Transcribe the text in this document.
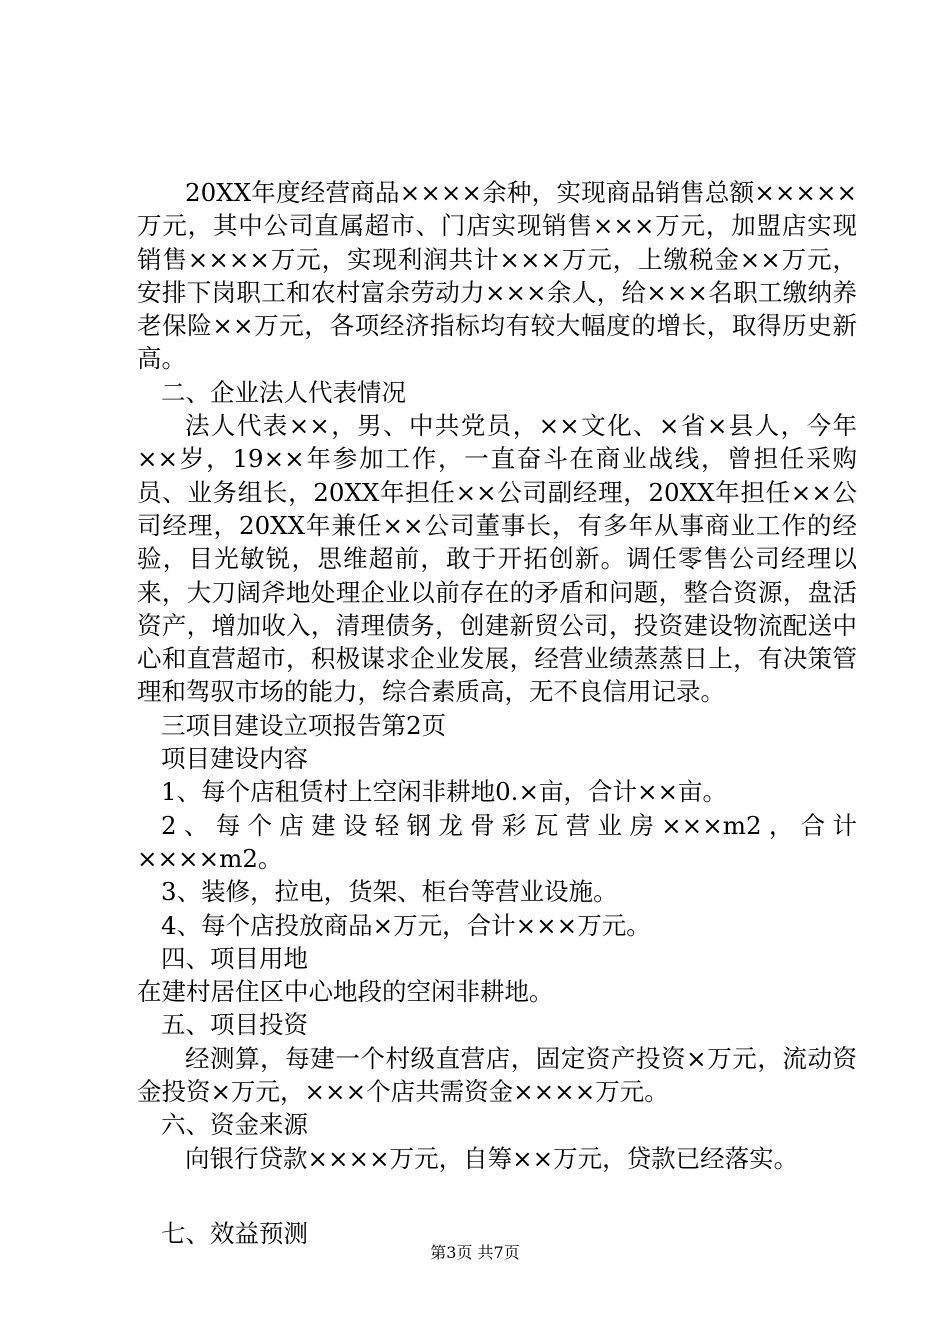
20XX年度经营商品××××余种，实现商品销售总额×××××万元，其中公司直属超市、门店实现销售×××万元，加盟店实现销售××××万元，实现利润共计×××万元，上缴税金××万元，安排下岗职工和农村富余劳动力×××余人，给×××名职工缴纳养老保险××万元，各项经济指标均有较大幅度的增长，取得历史新高。

二、企业法人代表情况

法人代表××，男、中共党员，××文化、×省×县人，今年××岁，19××年参加工作，一直奋斗在商业战线，曾担任采购员、业务组长，20XX年担任××公司副经理，20XX年担任××公司经理，20XX年兼任××公司董事长，有多年从事商业工作的经验，目光敏锐，思维超前，敢于开拓创新。调任零售公司经理以来，大刀阔斧地处理企业以前存在的矛盾和问题，整合资源，盘活资产，增加收入，清理债务，创建新贸公司，投资建设物流配送中心和直营超市，积极谋求企业发展，经营业绩蒸蒸日上，有决策管理和驾驭市场的能力，综合素质高，无不良信用记录。

三项目建设立项报告第2页

项目建设内容

1、每个店租赁村上空闲非耕地0.×亩，合计××亩。

2、每个店建设轻钢龙骨彩瓦营业房×××m2，合计××××m2。

3、装修，拉电，货架、柜台等营业设施。

4、每个店投放商品×万元，合计×××万元。

四、项目用地

在建村居住区中心地段的空闲非耕地。

五、项目投资

经测算，每建一个村级直营店，固定资产投资×万元，流动资金投资×万元，×××个店共需资金××××万元。

六、资金来源

向银行贷款××××万元，自筹××万元，贷款已经落实。

七、效益预测

第3页 共7页
